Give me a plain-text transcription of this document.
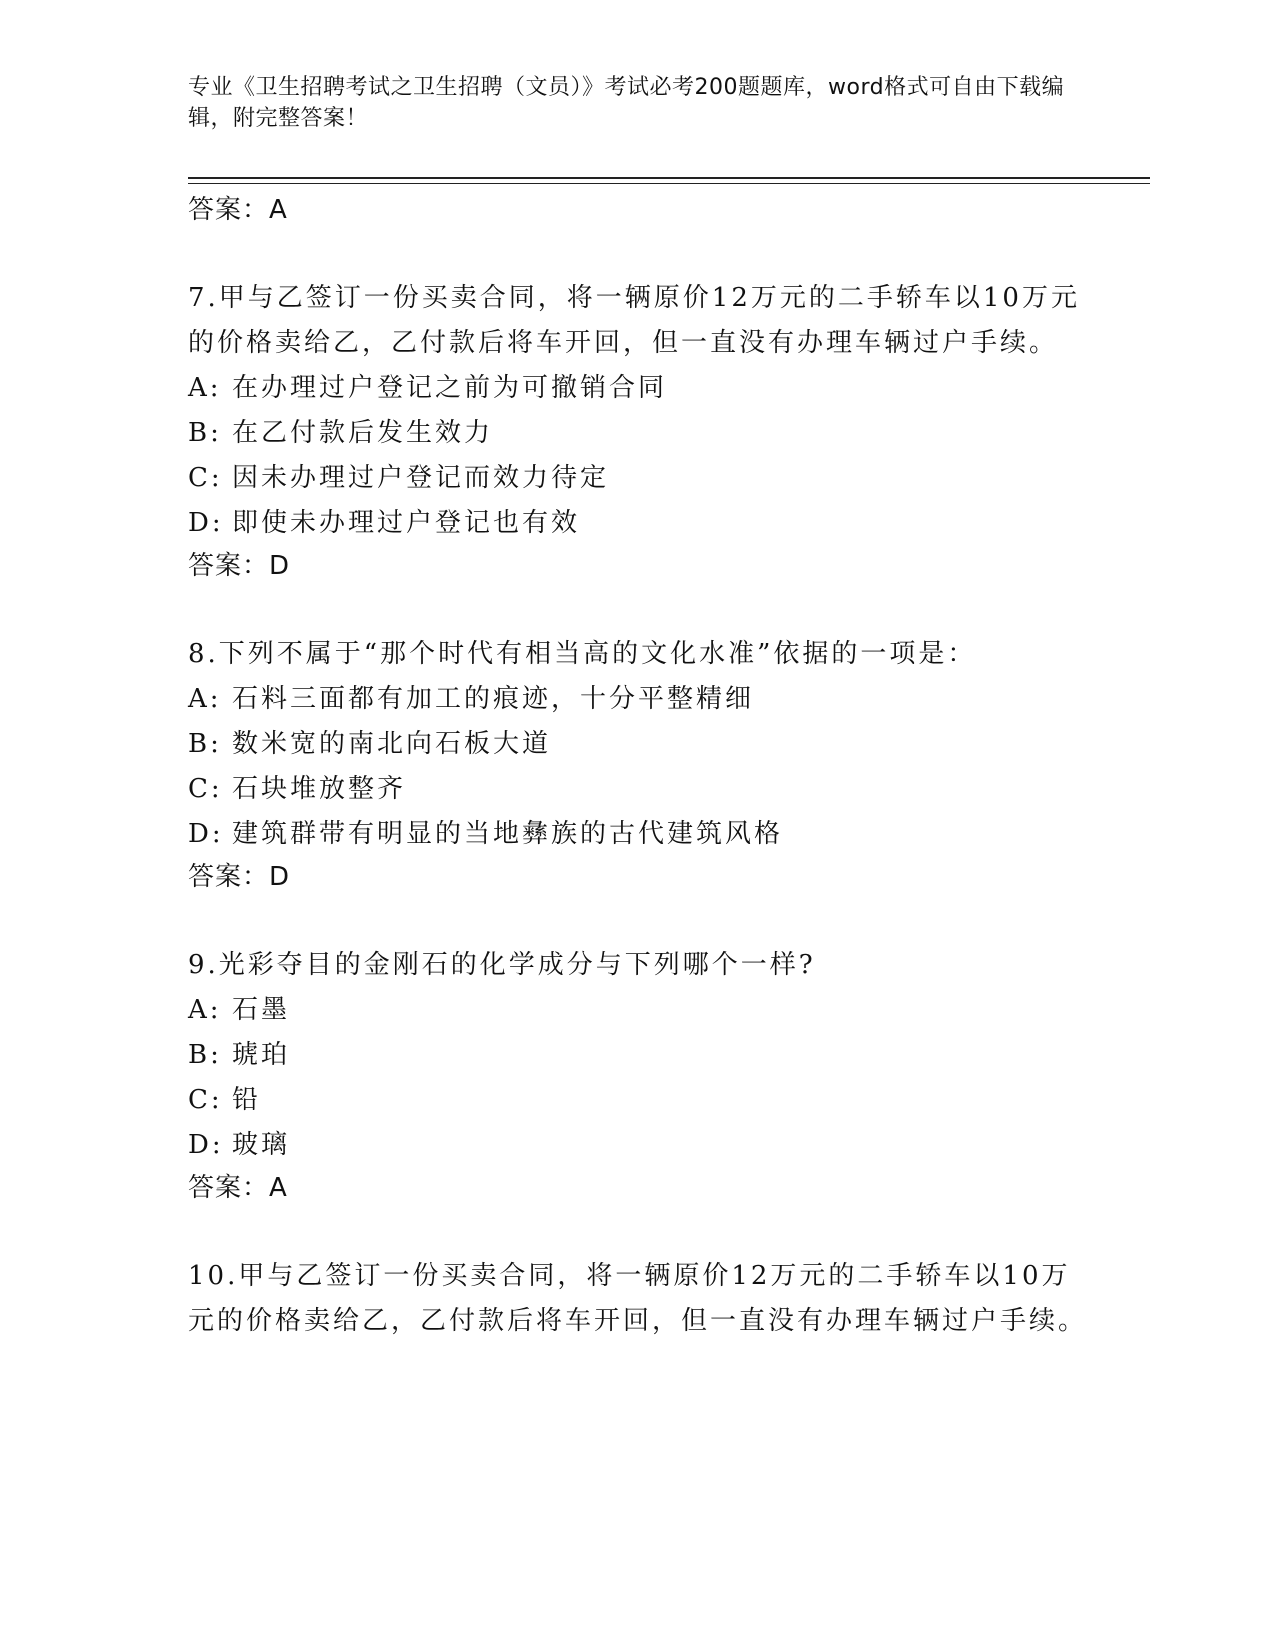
专业《卫生招聘考试之卫生招聘（文员）》考试必考200题题库，word格式可自由下载编辑，附完整答案！

答案：A

7.甲与乙签订一份买卖合同，将一辆原价12万元的二手轿车以10万元的价格卖给乙，乙付款后将车开回，但一直没有办理车辆过户手续。

A: 在办理过户登记之前为可撤销合同
B: 在乙付款后发生效力
C: 因未办理过户登记而效力待定
D: 即使未办理过户登记也有效

答案：D

8.下列不属于“那个时代有相当高的文化水准”依据的一项是：

A: 石料三面都有加工的痕迹，十分平整精细
B: 数米宽的南北向石板大道
C: 石块堆放整齐
D: 建筑群带有明显的当地彝族的古代建筑风格

答案：D

9.光彩夺目的金刚石的化学成分与下列哪个一样?

A: 石墨
B: 琥珀
C: 铅
D: 玻璃

答案：A

10.甲与乙签订一份买卖合同，将一辆原价12万元的二手轿车以10万元的价格卖给乙，乙付款后将车开回，但一直没有办理车辆过户手续。
